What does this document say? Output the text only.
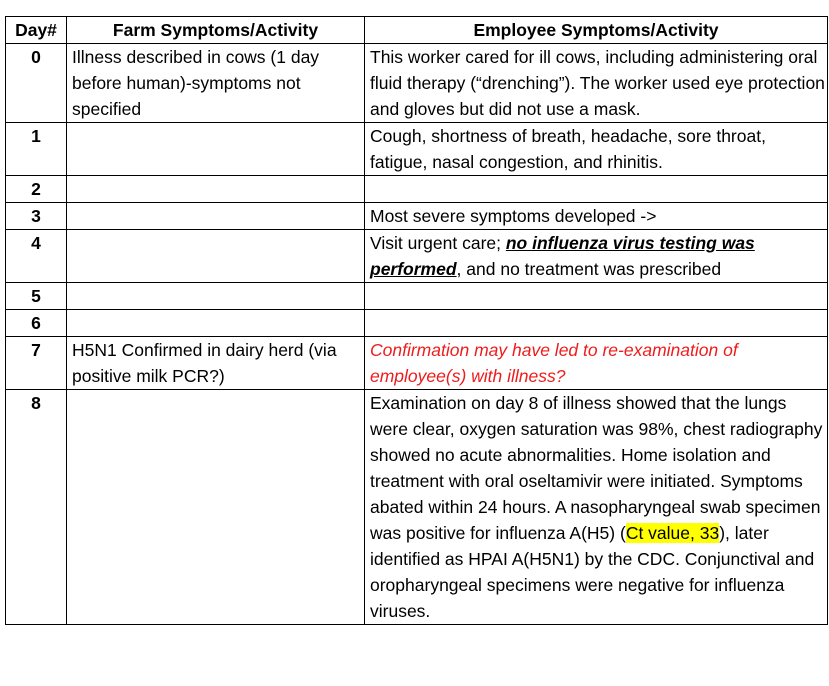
Day#	Farm Symptoms/Activity	Employee Symptoms/Activity
0	Illness described in cows (1 day before human)-symptoms not specified	This worker cared for ill cows, including administering oral fluid therapy (“drenching”). The worker used eye protection and gloves but did not use a mask.
1		Cough, shortness of breath, headache, sore throat, fatigue, nasal congestion, and rhinitis.
2		
3		Most severe symptoms developed ->
4		Visit urgent care; no influenza virus testing was performed, and no treatment was prescribed
5		
6		
7	H5N1 Confirmed in dairy herd (via positive milk PCR?)	Confirmation may have led to re-examination of employee(s) with illness?
8		Examination on day 8 of illness showed that the lungs were clear, oxygen saturation was 98%, chest radiography showed no acute abnormalities. Home isolation and treatment with oral oseltamivir were initiated. Symptoms abated within 24 hours. A nasopharyngeal swab specimen was positive for influenza A(H5) (Ct value, 33), later identified as HPAI A(H5N1) by the CDC. Conjunctival and oropharyngeal specimens were negative for influenza viruses.
